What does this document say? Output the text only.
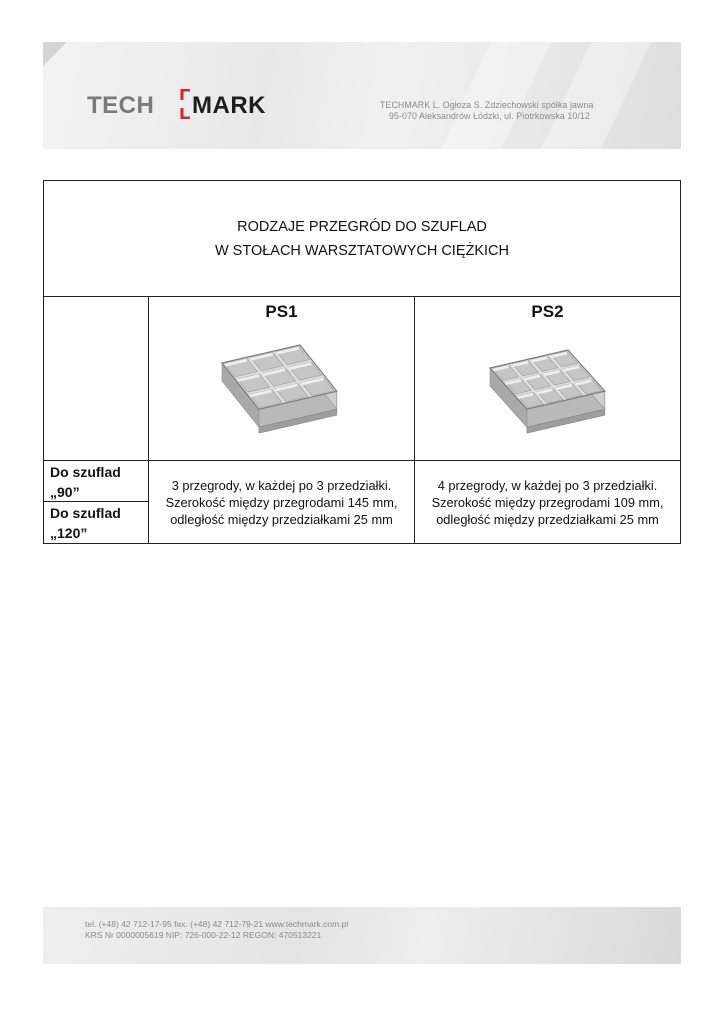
TECH MARK	TECHMARK L. Ogłoza S. Zdziechowski spółka jawna
95-070 Aleksandrów Łódzki, ul. Piotrkowska 10/12
RODZAJE PRZEGRÓD DO SZUFLAD
W STOŁACH WARSZTATOWYCH CIĘŻKICH
PS1	PS2
Do szuflad
„90”
Do szuflad
„120”
3 przegrody, w każdej po 3 przedziałki.
Szerokość między przegrodami 145 mm,
odległość między przedziałkami 25 mm
4 przegrody, w każdej po 3 przedziałki.
Szerokość między przegrodami 109 mm,
odległość między przedziałkami 25 mm
tel. (+48) 42 712-17-95 fax. (+48) 42 712-79-21 www.techmark.com.pl
KRS Nr 0000005619 NIP: 726-000-22-12 REGON: 470513221
